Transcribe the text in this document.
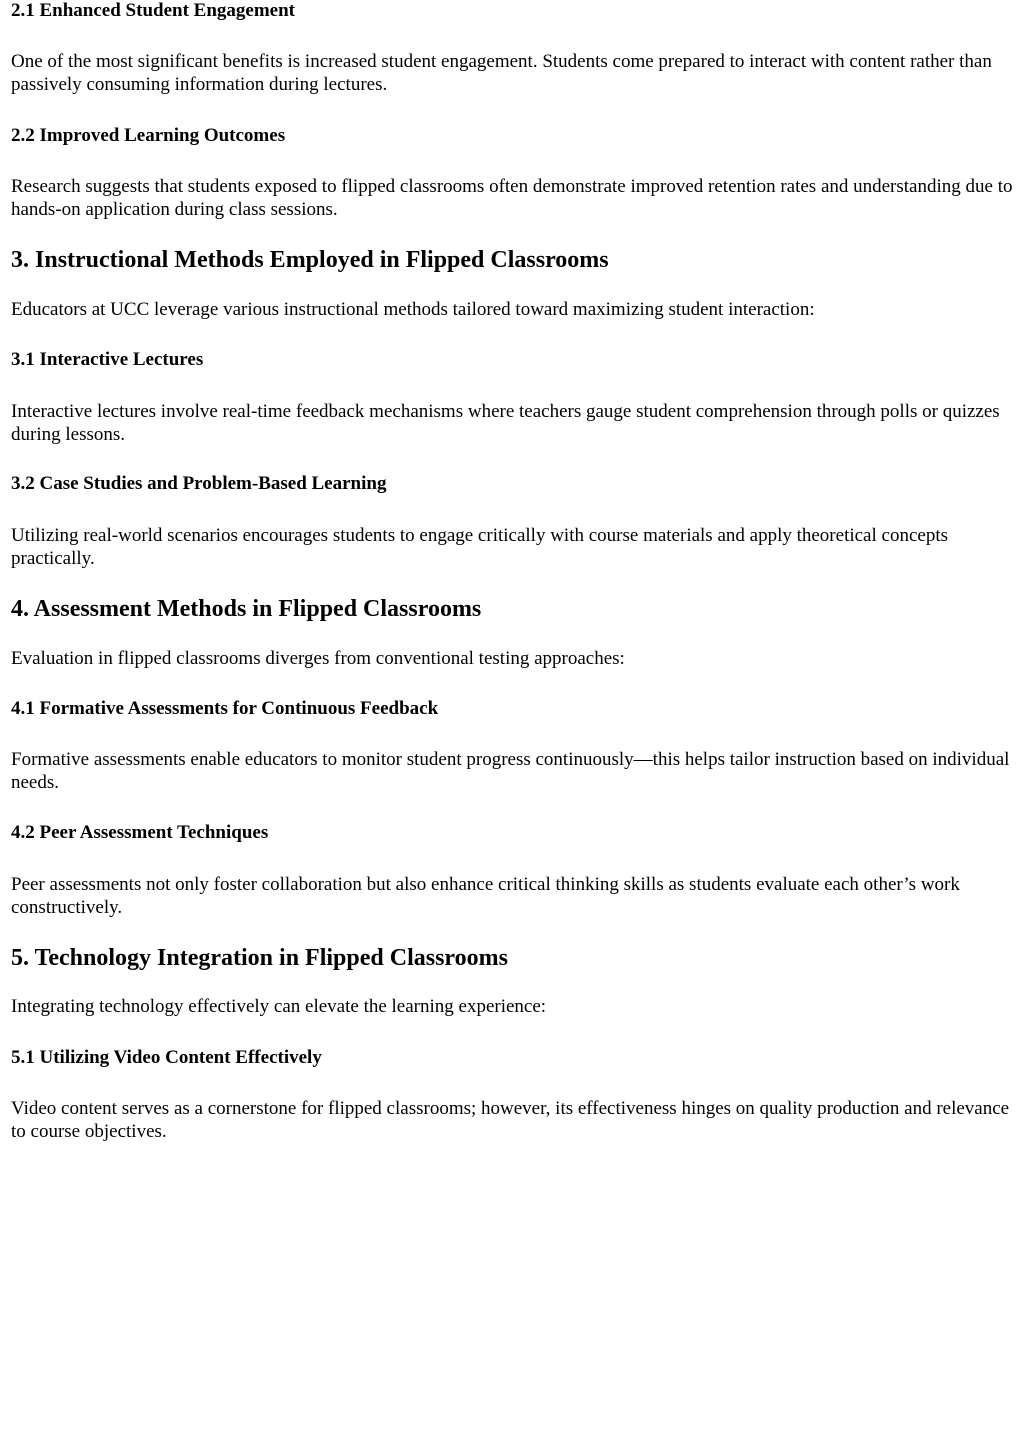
2.1 Enhanced Student Engagement

One of the most significant benefits is increased student engagement. Students come prepared to interact with content rather than passively consuming information during lectures.

2.2 Improved Learning Outcomes

Research suggests that students exposed to flipped classrooms often demonstrate improved retention rates and understanding due to hands-on application during class sessions.

3. Instructional Methods Employed in Flipped Classrooms

Educators at UCC leverage various instructional methods tailored toward maximizing student interaction:

3.1 Interactive Lectures

Interactive lectures involve real-time feedback mechanisms where teachers gauge student comprehension through polls or quizzes during lessons.

3.2 Case Studies and Problem-Based Learning

Utilizing real-world scenarios encourages students to engage critically with course materials and apply theoretical concepts practically.

4. Assessment Methods in Flipped Classrooms

Evaluation in flipped classrooms diverges from conventional testing approaches:

4.1 Formative Assessments for Continuous Feedback

Formative assessments enable educators to monitor student progress continuously—this helps tailor instruction based on individual needs.

4.2 Peer Assessment Techniques

Peer assessments not only foster collaboration but also enhance critical thinking skills as students evaluate each other’s work constructively.

5. Technology Integration in Flipped Classrooms

Integrating technology effectively can elevate the learning experience:

5.1 Utilizing Video Content Effectively

Video content serves as a cornerstone for flipped classrooms; however, its effectiveness hinges on quality production and relevance to course objectives.
